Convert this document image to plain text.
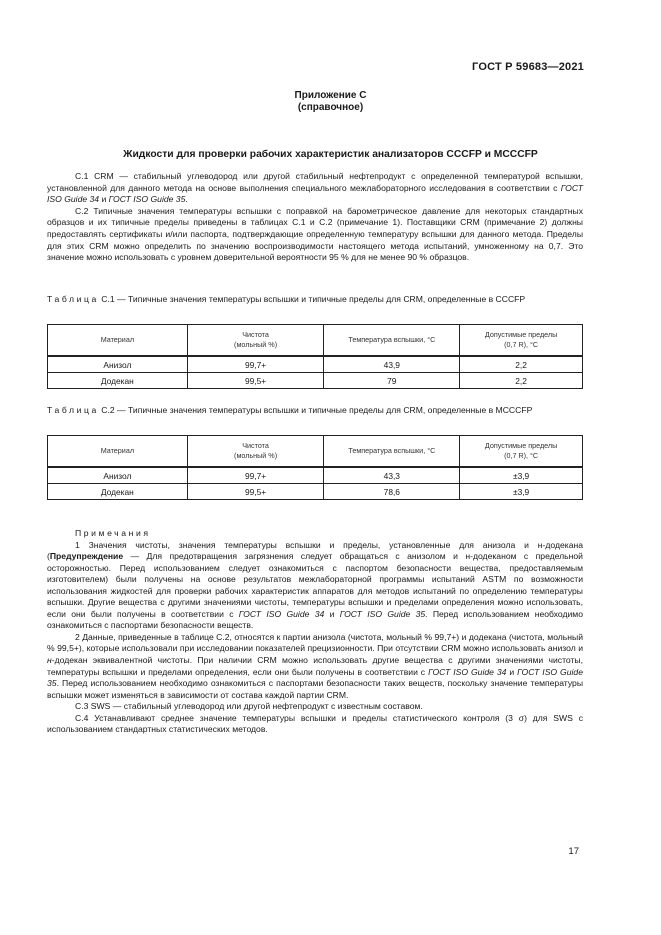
ГОСТ Р 59683—2021
Приложение С
(справочное)
Жидкости для проверки рабочих характеристик анализаторов CCCFP и MCCCFP

С.1 CRM — стабильный углеводород или другой стабильный нефтепродукт с определенной температурой вспышки, установленной для данного метода на основе выполнения специального межлабораторного исследования в соответствии с ГОСТ ISO Guide 34 и ГОСТ ISO Guide 35.

С.2 Типичные значения температуры вспышки с поправкой на барометрическое давление для некоторых стандартных образцов и их типичные пределы приведены в таблицах С.1 и С.2 (примечание 1). Поставщики CRM (примечание 2) должны предоставлять сертификаты и/или паспорта, подтверждающие определенную температуру вспышки для данного метода. Пределы для этих CRM можно определить по значению воспроизводимости настоящего метода испытаний, умноженному на 0,7. Это значение можно использовать с уровнем доверительной вероятности 95 % для не менее 90 % образцов.

Таблица С.1 — Типичные значения температуры вспышки и типичные пределы для CRM, определенные в CCCFP
Материал	Чистота
(мольный %)	Температура вспышки, °С	Допустимые пределы
(0,7 R), °С
Анизол	99,7+	43,9	2,2
Додекан	99,5+	79	2,2
Таблица С.2 — Типичные значения температуры вспышки и типичные пределы для CRM, определенные в MCCCFP
Материал	Чистота
(мольный %)	Температура вспышки, °С	Допустимые пределы
(0,7 R), °С
Анизол	99,7+	43,3	±3,9
Додекан	99,5+	78,6	±3,9

Примечания

1 Значения чистоты, значения температуры вспышки и пределы, установленные для анизола и н-додекана (Предупреждение — Для предотвращения загрязнения следует обращаться с анизолом и н-додеканом с предельной осторожностью. Перед использованием следует ознакомиться с паспортом безопасности вещества, предоставляемым изготовителем) были получены на основе результатов межлабораторной программы испытаний ASTM по возможности использования жидкостей для проверки рабочих характеристик аппаратов для методов испытаний по определению температуры вспышки. Другие вещества с другими значениями чистоты, температуры вспышки и пределами определения можно использовать, если они были получены в соответствии с ГОСТ ISO Guide 34 и ГОСТ ISO Guide 35. Перед использованием необходимо ознакомиться с паспортами безопасности веществ.

2 Данные, приведенные в таблице С.2, относятся к партии анизола (чистота, мольный % 99,7+) и додекана (чистота, мольный % 99,5+), которые использовали при исследовании показателей прецизионности. При отсутствии CRM можно использовать анизол и н-додекан эквивалентной чистоты. При наличии CRM можно использовать другие вещества с другими значениями чистоты, температуры вспышки и пределами определения, если они были получены в соответствии с ГОСТ ISO Guide 34 и ГОСТ ISO Guide 35. Перед использованием необходимо ознакомиться с паспортами безопасности таких веществ, поскольку значение температуры вспышки может изменяться в зависимости от состава каждой партии CRM.

С.3 SWS — стабильный углеводород или другой нефтепродукт с известным составом.

С.4 Устанавливают среднее значение температуры вспышки и пределы статистического контроля (3 σ) для SWS с использованием стандартных статистических методов.

17
